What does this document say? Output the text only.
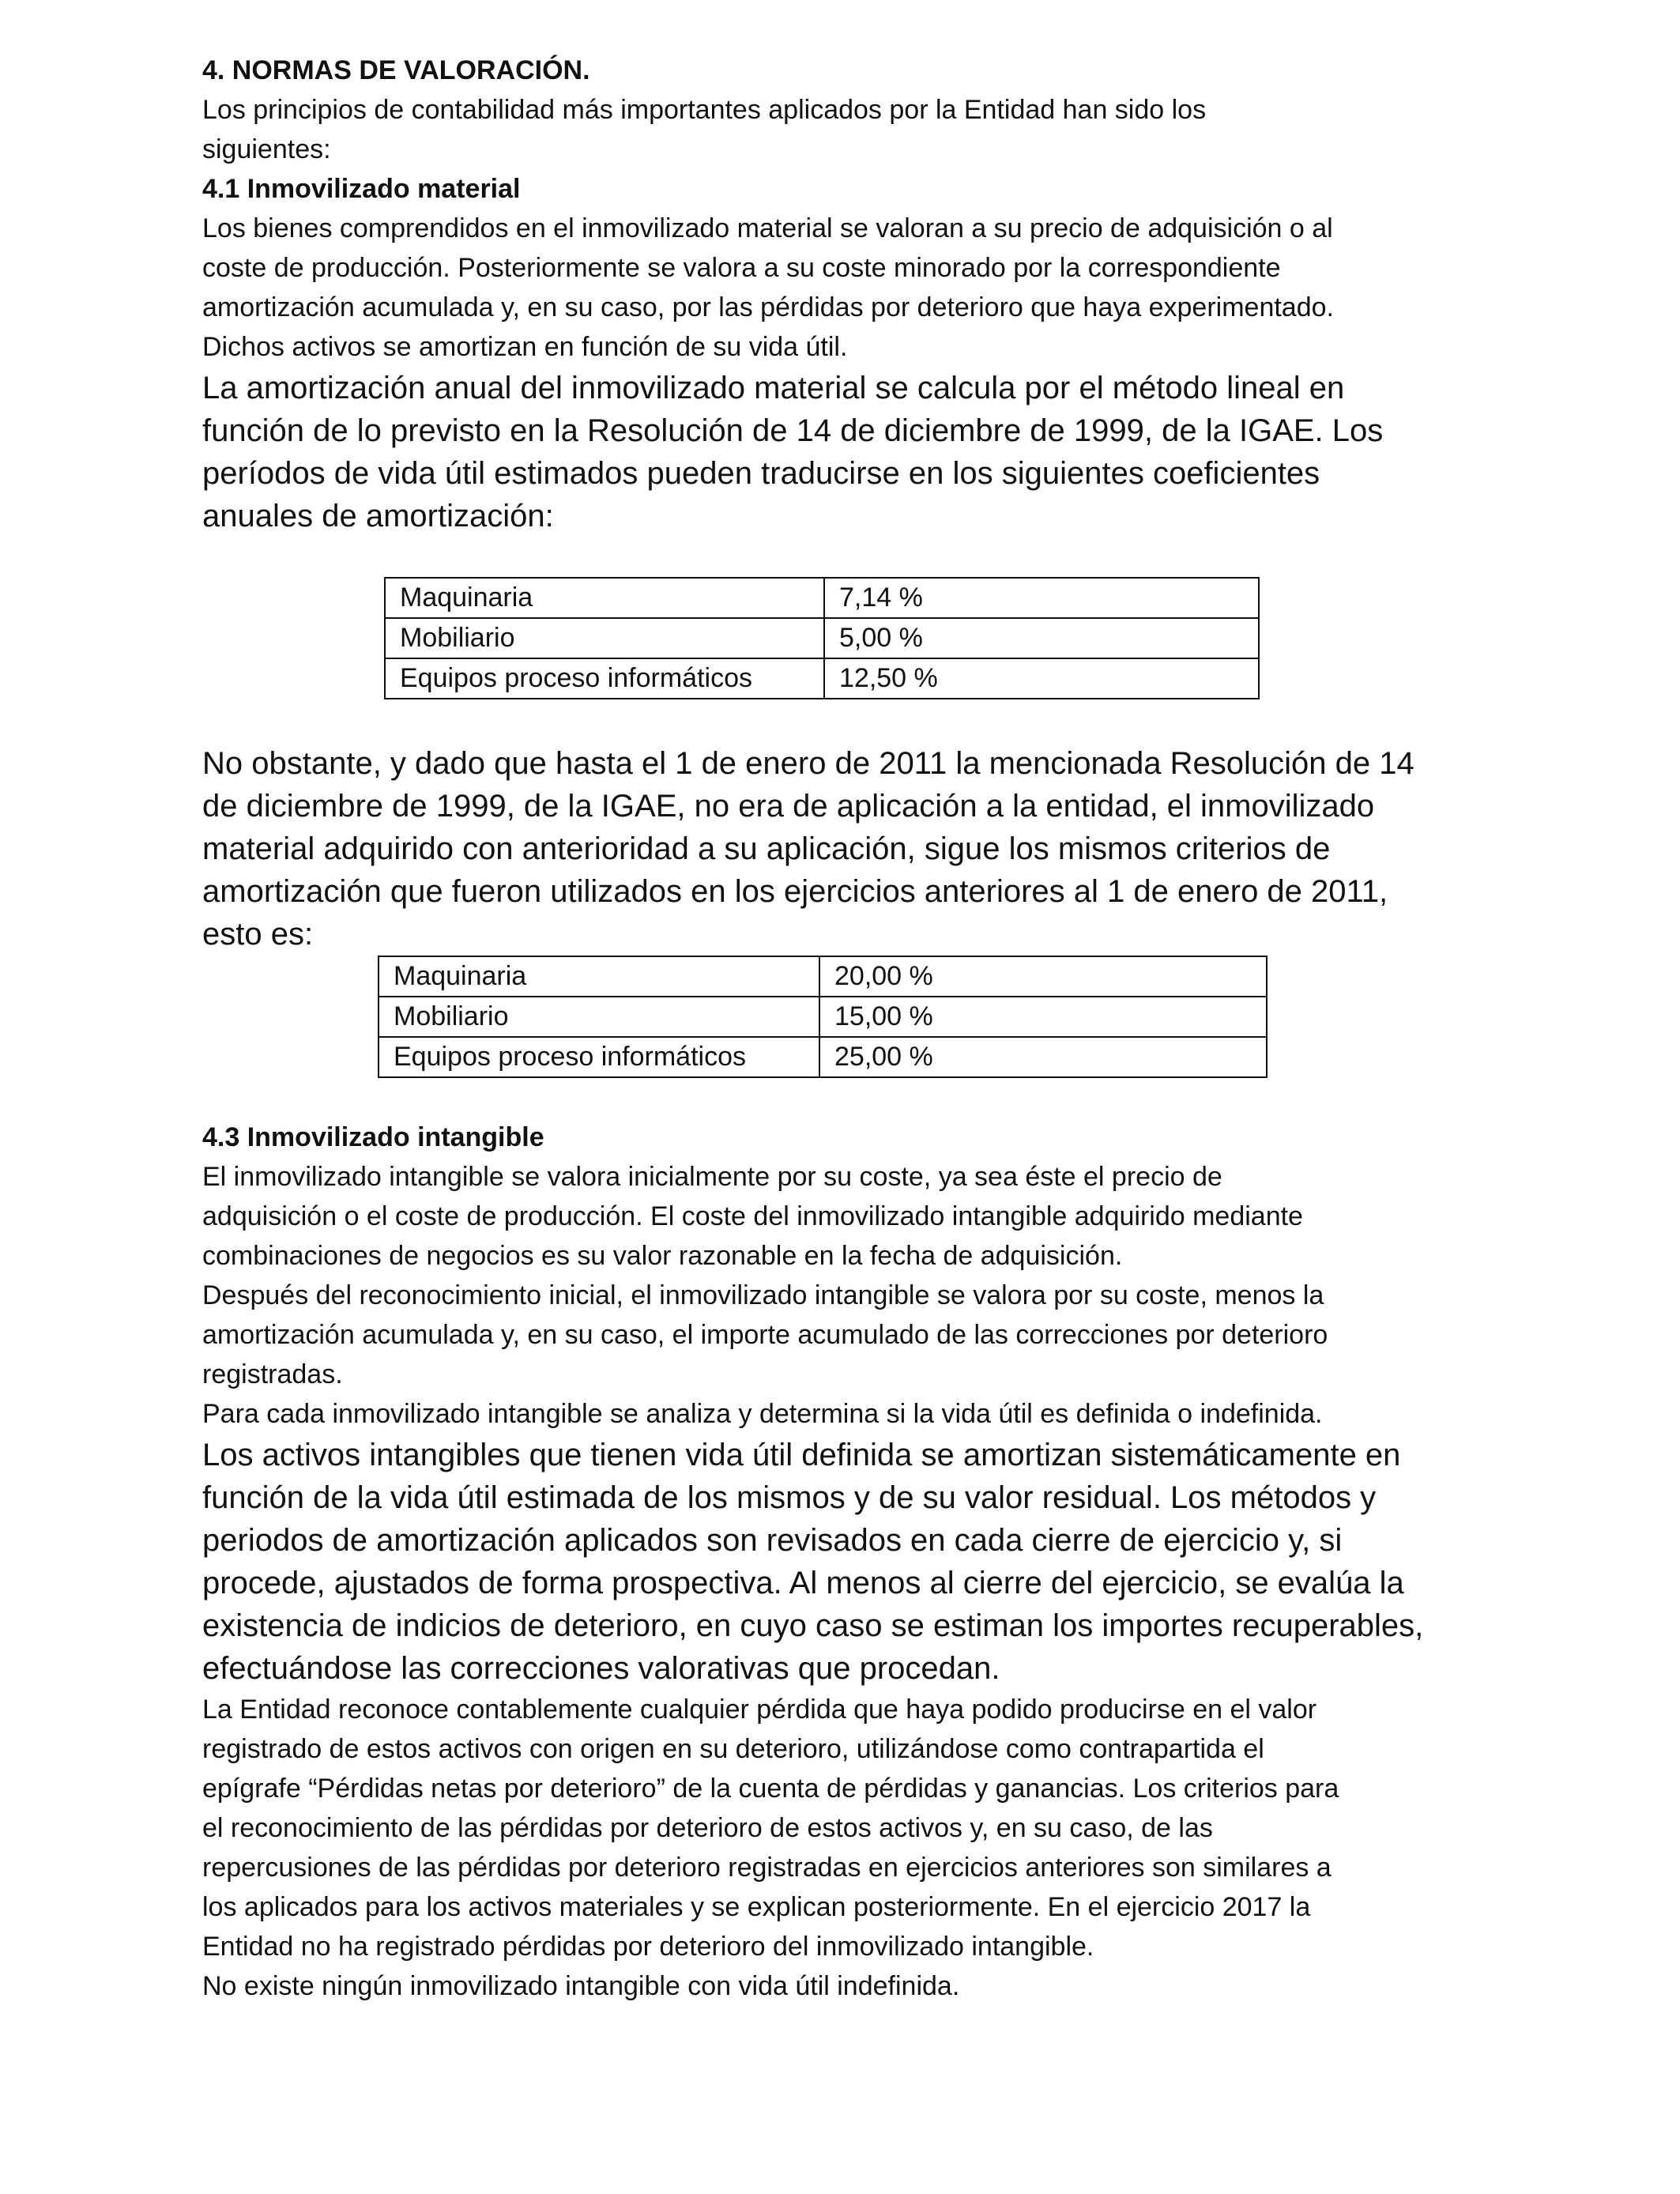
4. NORMAS DE VALORACIÓN.

Los principios de contabilidad más importantes aplicados por la Entidad han sido los

siguientes:

4.1 Inmovilizado material

Los bienes comprendidos en el inmovilizado material se valoran a su precio de adquisición o al

coste de producción. Posteriormente se valora a su coste minorado por la correspondiente

amortización acumulada y, en su caso, por las pérdidas por deterioro que haya experimentado.

Dichos activos se amortizan en función de su vida útil.

La amortización anual del inmovilizado material se calcula por el método lineal en

función de lo previsto en la Resolución de 14 de diciembre de 1999, de la IGAE. Los

períodos de vida útil estimados pueden traducirse en los siguientes coeficientes

anuales de amortización:

Maquinaria	7,14 %
Mobiliario	5,00 %
Equipos proceso informáticos	12,50 %

No obstante, y dado que hasta el 1 de enero de 2011 la mencionada Resolución de 14

de diciembre de 1999, de la IGAE, no era de aplicación a la entidad, el inmovilizado

material adquirido con anterioridad a su aplicación, sigue los mismos criterios de

amortización que fueron utilizados en los ejercicios anteriores al 1 de enero de 2011,

esto es:

Maquinaria	20,00 %
Mobiliario	15,00 %
Equipos proceso informáticos	25,00 %
4.3 Inmovilizado intangible

El inmovilizado intangible se valora inicialmente por su coste, ya sea éste el precio de

adquisición o el coste de producción. El coste del inmovilizado intangible adquirido mediante

combinaciones de negocios es su valor razonable en la fecha de adquisición.

Después del reconocimiento inicial, el inmovilizado intangible se valora por su coste, menos la

amortización acumulada y, en su caso, el importe acumulado de las correcciones por deterioro

registradas.

Para cada inmovilizado intangible se analiza y determina si la vida útil es definida o indefinida.

Los activos intangibles que tienen vida útil definida se amortizan sistemáticamente en

función de la vida útil estimada de los mismos y de su valor residual. Los métodos y

periodos de amortización aplicados son revisados en cada cierre de ejercicio y, si

procede, ajustados de forma prospectiva. Al menos al cierre del ejercicio, se evalúa la

existencia de indicios de deterioro, en cuyo caso se estiman los importes recuperables,

efectuándose las correcciones valorativas que procedan.

La Entidad reconoce contablemente cualquier pérdida que haya podido producirse en el valor

registrado de estos activos con origen en su deterioro, utilizándose como contrapartida el

epígrafe “Pérdidas netas por deterioro” de la cuenta de pérdidas y ganancias. Los criterios para

el reconocimiento de las pérdidas por deterioro de estos activos y, en su caso, de las

repercusiones de las pérdidas por deterioro registradas en ejercicios anteriores son similares a

los aplicados para los activos materiales y se explican posteriormente. En el ejercicio 2017 la

Entidad no ha registrado pérdidas por deterioro del inmovilizado intangible.

No existe ningún inmovilizado intangible con vida útil indefinida.
